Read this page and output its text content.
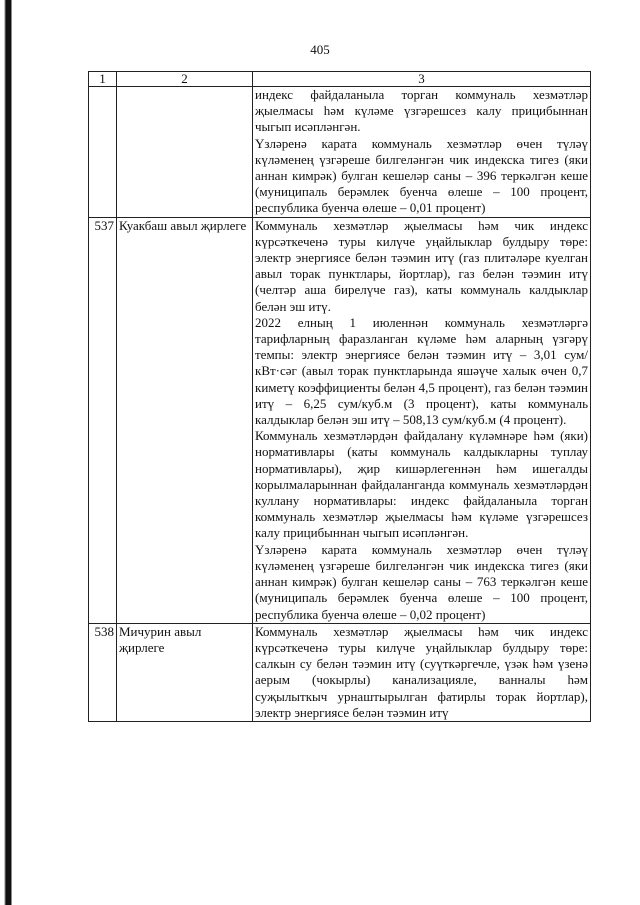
405
1	2	3

		индекс файдаланыла торган коммуналь хезмәтләр җыелмасы һәм күләме үзгәрешсез калу прицибыннан чыгып исәпләнгән.

Үзләренә карата коммуналь хезмәтләр өчен түләү күләменең үзгәреше билгеләнгән чик индекска тигез (яки аннан кимрәк) булган кешеләр саны – 396 теркәлгән кеше (муниципаль берәмлек буенча өлеше – 100 процент, республика буенча өлеше – 0,01 процент)

537	Куакбаш авыл җирлеге	Коммуналь хезмәтләр җыелмасы һәм чик индекс күрсәткеченә туры килүче уңайлыклар булдыру төре: электр энергиясе белән тәэмин итү (газ плитәләре куелган авыл торак пунктлары, йортлар), газ белән тәэмин итү (челтәр аша бирелүче газ), каты коммуналь калдыклар белән эш итү.

2022 елның 1 июленнән коммуналь хезмәтләргә тарифларның фаразланган күләме һәм аларның үзгәрү темпы: электр энергиясе белән тәэмин итү – 3,01 сум/кВт·сәг (авыл торак пунктларында яшәүче халык өчен 0,7 киметү коэффициенты белән 4,5 процент), газ белән тәэмин итү – 6,25 сум/куб.м (3 процент), каты коммуналь калдыклар белән эш итү – 508,13 сум/куб.м (4 процент).

Коммуналь хезмәтләрдән файдалану күләмнәре һәм (яки) нормативлары (каты коммуналь калдыкларны туплау нормативлары), җир кишәрлегеннән һәм ишегалды корылмаларыннан файдаланганда коммуналь хезмәтләрдән куллану нормативлары: индекс файдаланыла торган коммуналь хезмәтләр җыелмасы һәм күләме үзгәрешсез калу прицибыннан чыгып исәпләнгән.

Үзләренә карата коммуналь хезмәтләр өчен түләү күләменең үзгәреше билгеләнгән чик индекска тигез (яки аннан кимрәк) булган кешеләр саны – 763 теркәлгән кеше (муниципаль берәмлек буенча өлеше – 100 процент, республика буенча өлеше – 0,02 процент)

538	Мичурин авыл җирлеге	Коммуналь хезмәтләр җыелмасы һәм чик индекс күрсәткеченә туры килүче уңайлыклар булдыру төре: салкын су белән тәэмин итү (суүткәргечле, үзәк һәм үзенә аерым (чокырлы) канализацияле, ванналы һәм суҗылыткыч урнаштырылган фатирлы торак йортлар), электр энергиясе белән тәэмин итү
